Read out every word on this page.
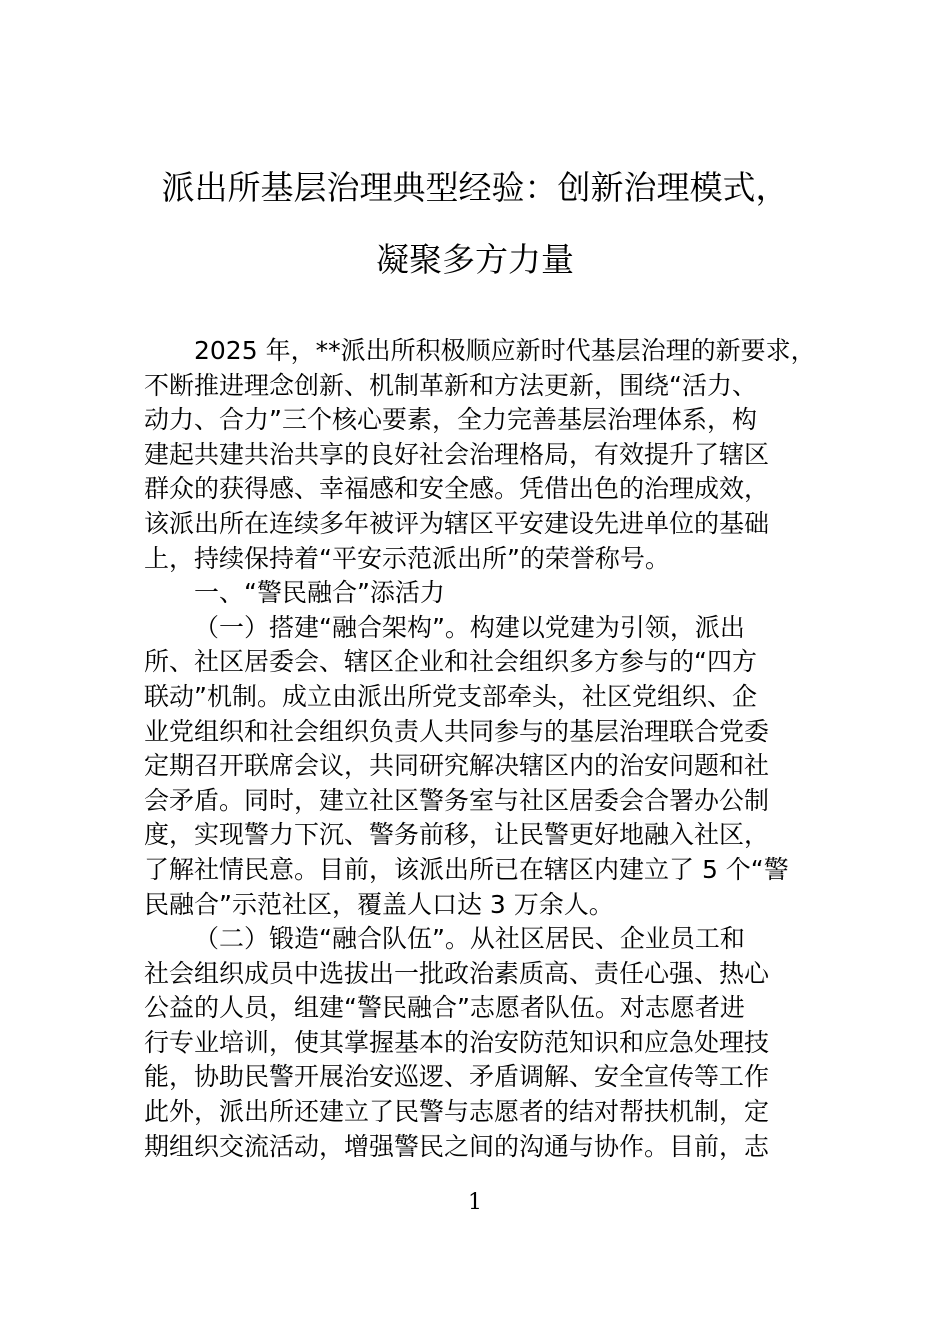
派出所基层治理典型经验：创新治理模式，
凝聚多方力量
2025 年，**派出所积极顺应新时代基层治理的新要求，
不断推进理念创新、机制革新和方法更新，围绕“活力、
动力、合力”三个核心要素，全力完善基层治理体系，构
建起共建共治共享的良好社会治理格局，有效提升了辖区
群众的获得感、幸福感和安全感。凭借出色的治理成效，
该派出所在连续多年被评为辖区平安建设先进单位的基础
上，持续保持着“平安示范派出所”的荣誉称号。
一、“警民融合”添活力
（一）搭建“融合架构”。构建以党建为引领，派出
所、社区居委会、辖区企业和社会组织多方参与的“四方
联动”机制。成立由派出所党支部牵头，社区党组织、企
业党组织和社会组织负责人共同参与的基层治理联合党委
定期召开联席会议，共同研究解决辖区内的治安问题和社
会矛盾。同时，建立社区警务室与社区居委会合署办公制
度，实现警力下沉、警务前移，让民警更好地融入社区，
了解社情民意。目前，该派出所已在辖区内建立了 5 个“警
民融合”示范社区，覆盖人口达 3 万余人。
（二）锻造“融合队伍”。从社区居民、企业员工和
社会组织成员中选拔出一批政治素质高、责任心强、热心
公益的人员，组建“警民融合”志愿者队伍。对志愿者进
行专业培训，使其掌握基本的治安防范知识和应急处理技
能，协助民警开展治安巡逻、矛盾调解、安全宣传等工作
此外，派出所还建立了民警与志愿者的结对帮扶机制，定
期组织交流活动，增强警民之间的沟通与协作。目前，志
1
